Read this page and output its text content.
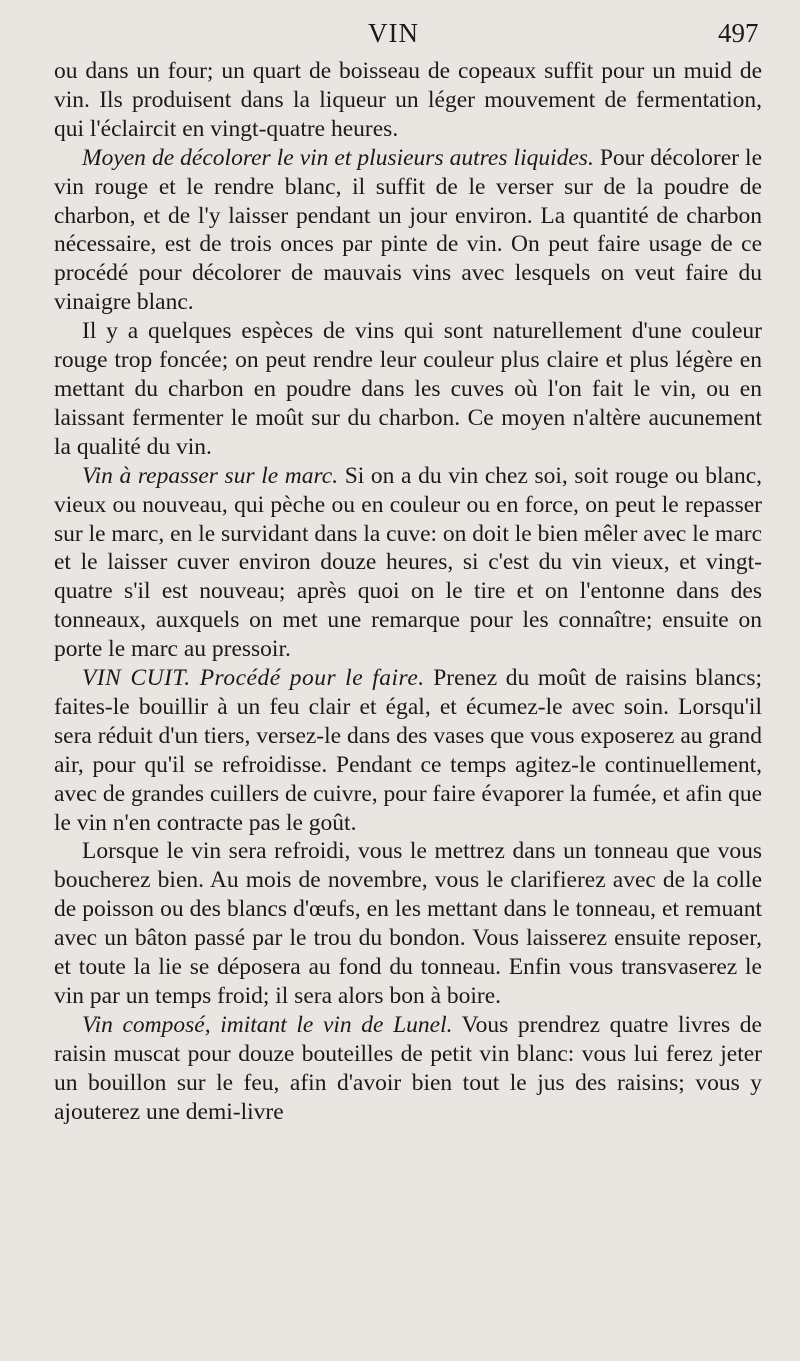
VIN	497

ou dans un four; un quart de boisseau de copeaux suffit pour un muid de vin. Ils produisent dans la liqueur un léger mouvement de fermentation, qui l'éclaircit en vingt-quatre heures.

Moyen de décolorer le vin et plusieurs autres liquides. Pour décolorer le vin rouge et le rendre blanc, il suffit de le verser sur de la poudre de charbon, et de l'y laisser pendant un jour environ. La quantité de charbon nécessaire, est de trois onces par pinte de vin. On peut faire usage de ce procédé pour décolorer de mauvais vins avec lesquels on veut faire du vinaigre blanc.

Il y a quelques espèces de vins qui sont naturellement d'une couleur rouge trop foncée; on peut rendre leur couleur plus claire et plus légère en mettant du charbon en poudre dans les cuves où l'on fait le vin, ou en laissant fermenter le moût sur du charbon. Ce moyen n'altère aucunement la qualité du vin.

Vin à repasser sur le marc. Si on a du vin chez soi, soit rouge ou blanc, vieux ou nouveau, qui pèche ou en couleur ou en force, on peut le repasser sur le marc, en le survidant dans la cuve: on doit le bien mêler avec le marc et le laisser cuver environ douze heures, si c'est du vin vieux, et vingt-quatre s'il est nouveau; après quoi on le tire et on l'entonne dans des tonneaux, auxquels on met une remarque pour les connaître; ensuite on porte le marc au pressoir.

VIN CUIT. Procédé pour le faire. Prenez du moût de raisins blancs; faites-le bouillir à un feu clair et égal, et écumez-le avec soin. Lorsqu'il sera réduit d'un tiers, versez-le dans des vases que vous exposerez au grand air, pour qu'il se refroidisse. Pendant ce temps agitez-le continuellement, avec de grandes cuillers de cuivre, pour faire évaporer la fumée, et afin que le vin n'en contracte pas le goût.

Lorsque le vin sera refroidi, vous le mettrez dans un tonneau que vous boucherez bien. Au mois de novembre, vous le clarifierez avec de la colle de poisson ou des blancs d'œufs, en les mettant dans le tonneau, et remuant avec un bâton passé par le trou du bondon. Vous laisserez ensuite reposer, et toute la lie se déposera au fond du tonneau. Enfin vous transvaserez le vin par un temps froid; il sera alors bon à boire.

Vin composé, imitant le vin de Lunel. Vous prendrez quatre livres de raisin muscat pour douze bouteilles de petit vin blanc: vous lui ferez jeter un bouillon sur le feu, afin d'avoir bien tout le jus des raisins; vous y ajouterez une demi-livre
